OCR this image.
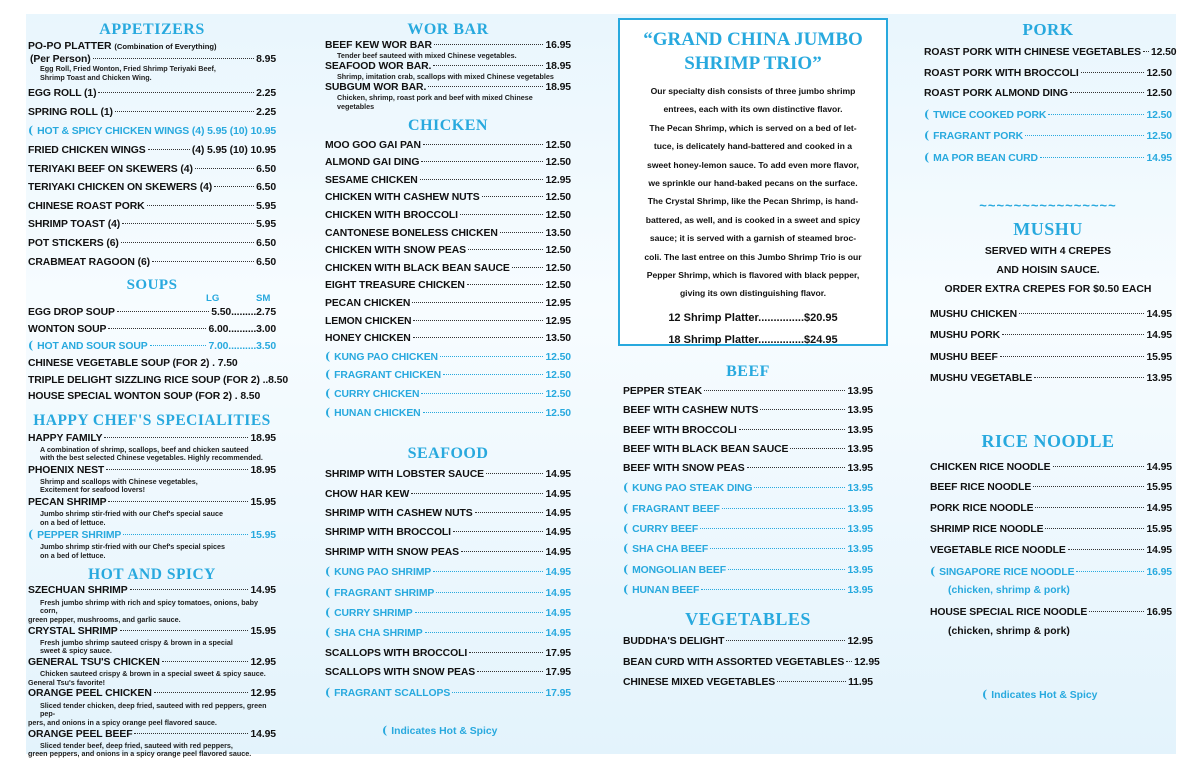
APPETIZERS
PO-PO PLATTER (Combination of Everything)
(Per Person)	8.95
Egg Roll, Fried Wonton, Fried Shrimp Teriyaki Beef,
Shrimp Toast and Chicken Wing.
EGG ROLL (1)	2.25
SPRING ROLL (1)	2.25
( HOT & SPICY CHICKEN WINGS (4) 5.95 (10) 10.95
FRIED CHICKEN WINGS	(4) 5.95 (10) 10.95
TERIYAKI BEEF ON SKEWERS (4)	6.50
TERIYAKI CHICKEN ON SKEWERS (4)	6.50
CHINESE ROAST PORK	5.95
SHRIMP TOAST (4)	5.95
POT STICKERS (6)	6.50
CRABMEAT RAGOON (6)	6.50
SOUPS
LG	SM
EGG DROP SOUP	5.50.........2.75
WONTON SOUP	6.00..........3.00
( HOT AND SOUR SOUP	7.00..........3.50
CHINESE VEGETABLE SOUP (FOR 2) . 7.50
TRIPLE DELIGHT SIZZLING RICE SOUP (FOR 2) ..8.50
HOUSE SPECIAL WONTON SOUP (FOR 2) . 8.50
HAPPY CHEF'S SPECIALITIES
HAPPY FAMILY	18.95
A combination of shrimp, scallops, beef and chicken sauteed
with the best selected Chinese vegetables. Highly recommended.
PHOENIX NEST	18.95
Shrimp and scallops with Chinese vegetables,
Excitement for seafood lovers!
PECAN SHRIMP	15.95
Jumbo shrimp stir-fried with our Chef's special sauce
on a bed of lettuce.
( PEPPER SHRIMP	15.95
Jumbo shrimp stir-fried with our Chef's special spices
on a bed of lettuce.
HOT AND SPICY
SZECHUAN SHRIMP	14.95
Fresh jumbo shrimp with rich and spicy tomatoes, onions, baby corn,
green pepper, mushrooms, and garlic sauce.
CRYSTAL SHRIMP	15.95
Fresh jumbo shrimp sauteed crispy & brown in a special
sweet & spicy sauce.
GENERAL TSU'S CHICKEN	12.95
Chicken sauteed crispy & brown in a special sweet & spicy sauce.
General Tsu's favorite!
ORANGE PEEL CHICKEN	12.95
Sliced tender chicken, deep fried, sauteed with red peppers, green pep-
pers, and onions in a spicy orange peel flavored sauce.
ORANGE PEEL BEEF	14.95
Sliced tender beef, deep fried, sauteed with red peppers,
green peppers, and onions in a spicy orange peel flavored sauce.
WOR BAR
BEEF KEW WOR BAR	16.95
Tender beef sauteed with mixed Chinese vegetables.
SEAFOOD WOR BAR.	18.95
Shrimp, imitation crab, scallops with mixed Chinese vegetables
SUBGUM WOR BAR.	18.95
Chicken, shrimp, roast pork and beef with mixed Chinese vegetables
CHICKEN
MOO GOO GAI PAN	12.50
ALMOND GAI DING	12.50
SESAME CHICKEN	12.95
CHICKEN WITH CASHEW NUTS	12.50
CHICKEN WITH BROCCOLI	12.50
CANTONESE BONELESS CHICKEN	13.50
CHICKEN WITH SNOW PEAS	12.50
CHICKEN WITH BLACK BEAN SAUCE	12.50
EIGHT TREASURE CHICKEN	12.50
PECAN CHICKEN	12.95
LEMON CHICKEN	12.95
HONEY CHICKEN	13.50
( KUNG PAO CHICKEN	12.50
( FRAGRANT CHICKEN	12.50
( CURRY CHICKEN	12.50
( HUNAN CHICKEN	12.50
SEAFOOD
SHRIMP WITH LOBSTER SAUCE	14.95
CHOW HAR KEW	14.95
SHRIMP WITH CASHEW NUTS	14.95
SHRIMP WITH BROCCOLI	14.95
SHRIMP WITH SNOW PEAS	14.95
( KUNG PAO SHRIMP	14.95
( FRAGRANT SHRIMP	14.95
( CURRY SHRIMP	14.95
( SHA CHA SHRIMP	14.95
SCALLOPS WITH BROCCOLI	17.95
SCALLOPS WITH SNOW PEAS	17.95
( FRAGRANT SCALLOPS	17.95
( Indicates Hot & Spicy
“GRAND CHINA JUMBO
SHRIMP TRIO”
Our specialty dish consists of three jumbo shrimp
entrees, each with its own distinctive flavor.
The Pecan Shrimp, which is served on a bed of let-
tuce, is delicately hand-battered and cooked in a
sweet honey-lemon sauce. To add even more flavor,
we sprinkle our hand-baked pecans on the surface.
The Crystal Shrimp, like the Pecan Shrimp, is hand-
battered, as well, and is cooked in a sweet and spicy
sauce; it is served with a garnish of steamed broc-
coli. The last entree on this Jumbo Shrimp Trio is our
Pepper Shrimp, which is flavored with black pepper,
giving its own distinguishing flavor.
12 Shrimp Platter...............$20.95
18 Shrimp Platter...............$24.95
BEEF
PEPPER STEAK	13.95
BEEF WITH CASHEW NUTS	13.95
BEEF WITH BROCCOLI	13.95
BEEF WITH BLACK BEAN SAUCE	13.95
BEEF WITH SNOW PEAS	13.95
( KUNG PAO STEAK DING	13.95
( FRAGRANT BEEF	13.95
( CURRY BEEF	13.95
( SHA CHA BEEF	13.95
( MONGOLIAN BEEF	13.95
( HUNAN BEEF	13.95
VEGETABLES
BUDDHA'S DELIGHT	12.95
BEAN CURD WITH ASSORTED VEGETABLES 12.95
CHINESE MIXED VEGETABLES	11.95
PORK
ROAST PORK WITH CHINESE VEGETABLES 12.50
ROAST PORK WITH BROCCOLI	12.50
ROAST PORK ALMOND DING	12.50
( TWICE COOKED PORK	12.50
( FRAGRANT PORK	12.50
( MA POR BEAN CURD	14.95
~~~~~~~~~~~~~~~~
MUSHU
SERVED WITH 4 CREPES
AND HOISIN SAUCE.
ORDER EXTRA CREPES FOR $0.50 EACH
MUSHU CHICKEN	14.95
MUSHU PORK	14.95
MUSHU BEEF	15.95
MUSHU VEGETABLE	13.95
RICE NOODLE
CHICKEN RICE NOODLE	14.95
BEEF RICE NOODLE	15.95
PORK RICE NOODLE	14.95
SHRIMP RICE NOODLE	15.95
VEGETABLE RICE NOODLE	14.95
( SINGAPORE RICE NOODLE	16.95
(chicken, shrimp & pork)
HOUSE SPECIAL RICE NOODLE	16.95
(chicken, shrimp & pork)
( Indicates Hot & Spicy
